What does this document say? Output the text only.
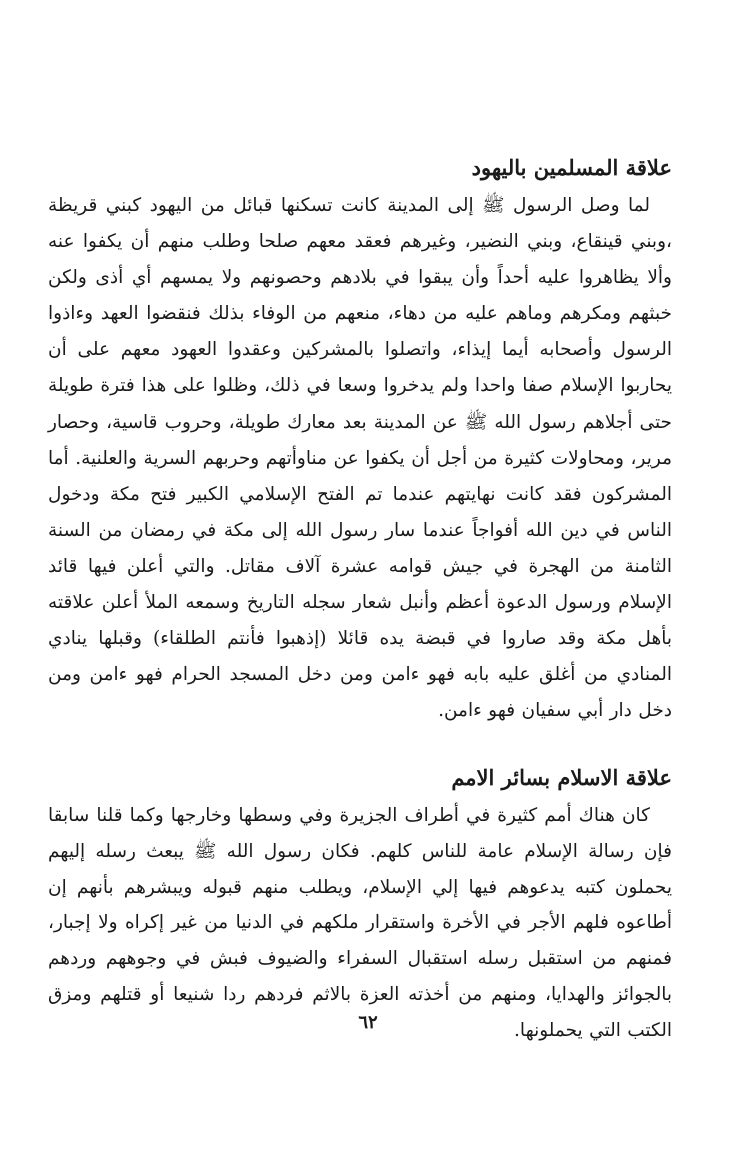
علاقة المسلمين باليهود

لما وصل الرسول ﷺ إلى المدينة كانت تسكنها قبائل من اليهود كبني قريظة ،وبني قينقاع، وبني النضير، وغيرهم فعقد معهم صلحا وطلب منهم أن يكفوا عنه وألا يظاهروا عليه أحداً وأن يبقوا في بلادهم وحصونهم ولا يمسهم أي أذى ولكن خبثهم ومكرهم وماهم عليه من دهاء، منعهم من الوفاء بذلك فنقضوا العهد وءاذوا الرسول وأصحابه أيما إيذاء، واتصلوا بالمشركين وعقدوا العهود معهم على أن يحاربوا الإسلام صفا واحدا ولم يدخروا وسعا في ذلك، وظلوا على هذا فترة طويلة حتى أجلاهم رسول الله ﷺ عن المدينة بعد معارك طويلة، وحروب قاسية، وحصار مرير، ومحاولات كثيرة من أجل أن يكفوا عن مناوأتهم وحربهم السرية والعلنية. أما المشركون فقد كانت نهايتهم عندما تم الفتح الإسلامي الكبير فتح مكة ودخول الناس في دين الله أفواجاً عندما سار رسول الله إلى مكة في رمضان من السنة الثامنة من الهجرة في جيش قوامه عشرة آلاف مقاتل. والتي أعلن فيها قائد الإسلام ورسول الدعوة أعظم وأنبل شعار سجله التاريخ وسمعه الملأ أعلن علاقته بأهل مكة وقد صاروا في قبضة يده قائلا (إذهبوا فأنتم الطلقاء) وقبلها ينادي المنادي من أغلق عليه بابه فهو ءامن ومن دخل المسجد الحرام فهو ءامن ومن دخل دار أبي سفيان فهو ءامن.

علاقة الاسلام بسائر الامم

كان هناك أمم كثيرة في أطراف الجزيرة وفي وسطها وخارجها وكما قلنا سابقا فإن رسالة الإسلام عامة للناس كلهم. فكان رسول الله ﷺ يبعث رسله إليهم يحملون كتبه يدعوهم فيها إلي الإسلام، ويطلب منهم قبوله ويبشرهم بأنهم إن أطاعوه فلهم الأجر في الأخرة واستقرار ملكهم في الدنيا من غير إكراه ولا إجبار، فمنهم من استقبل رسله استقبال السفراء والضيوف فبش في وجوههم وردهم بالجوائز والهدايا، ومنهم من أخذته العزة بالاثم فردهم ردا شنيعا أو قتلهم ومزق الكتب التي يحملونها.

٦٢
